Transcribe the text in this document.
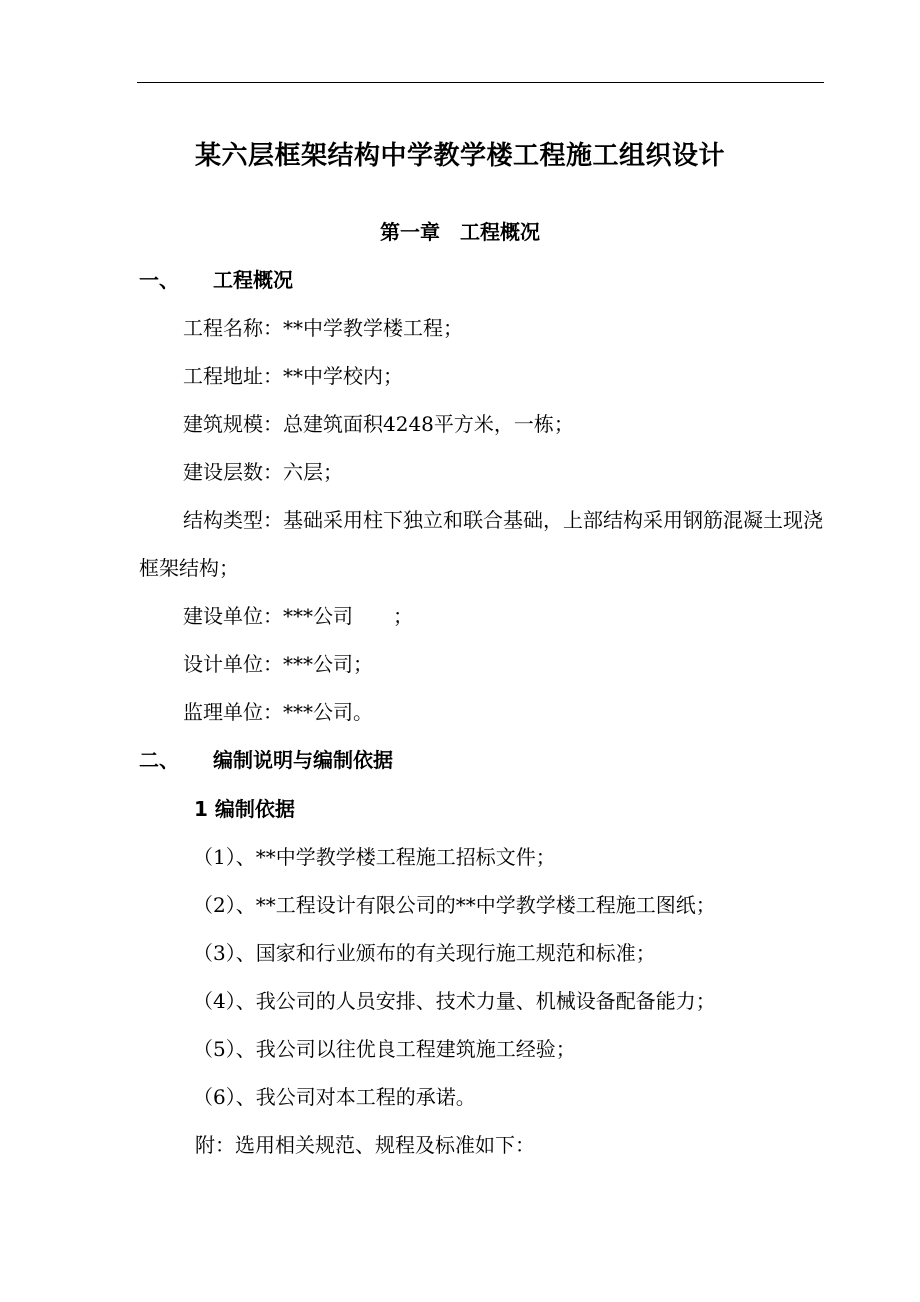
某六层框架结构中学教学楼工程施工组织设计
第一章　工程概况
一、 工程概况
工程名称：**中学教学楼工程；
工程地址：**中学校内；
建筑规模：总建筑面积4248平方米，一栋；
建设层数：六层；
结构类型：基础采用柱下独立和联合基础，上部结构采用钢筋混凝土现浇框架结构；
建设单位：***公司　　；
设计单位：***公司；
监理单位：***公司。
二、 编制说明与编制依据
1 编制依据
（1）、**中学教学楼工程施工招标文件；
（2）、**工程设计有限公司的**中学教学楼工程施工图纸；
（3）、国家和行业颁布的有关现行施工规范和标准；
（4）、我公司的人员安排、技术力量、机械设备配备能力；
（5）、我公司以往优良工程建筑施工经验；
（6）、我公司对本工程的承诺。
附：选用相关规范、规程及标准如下：
